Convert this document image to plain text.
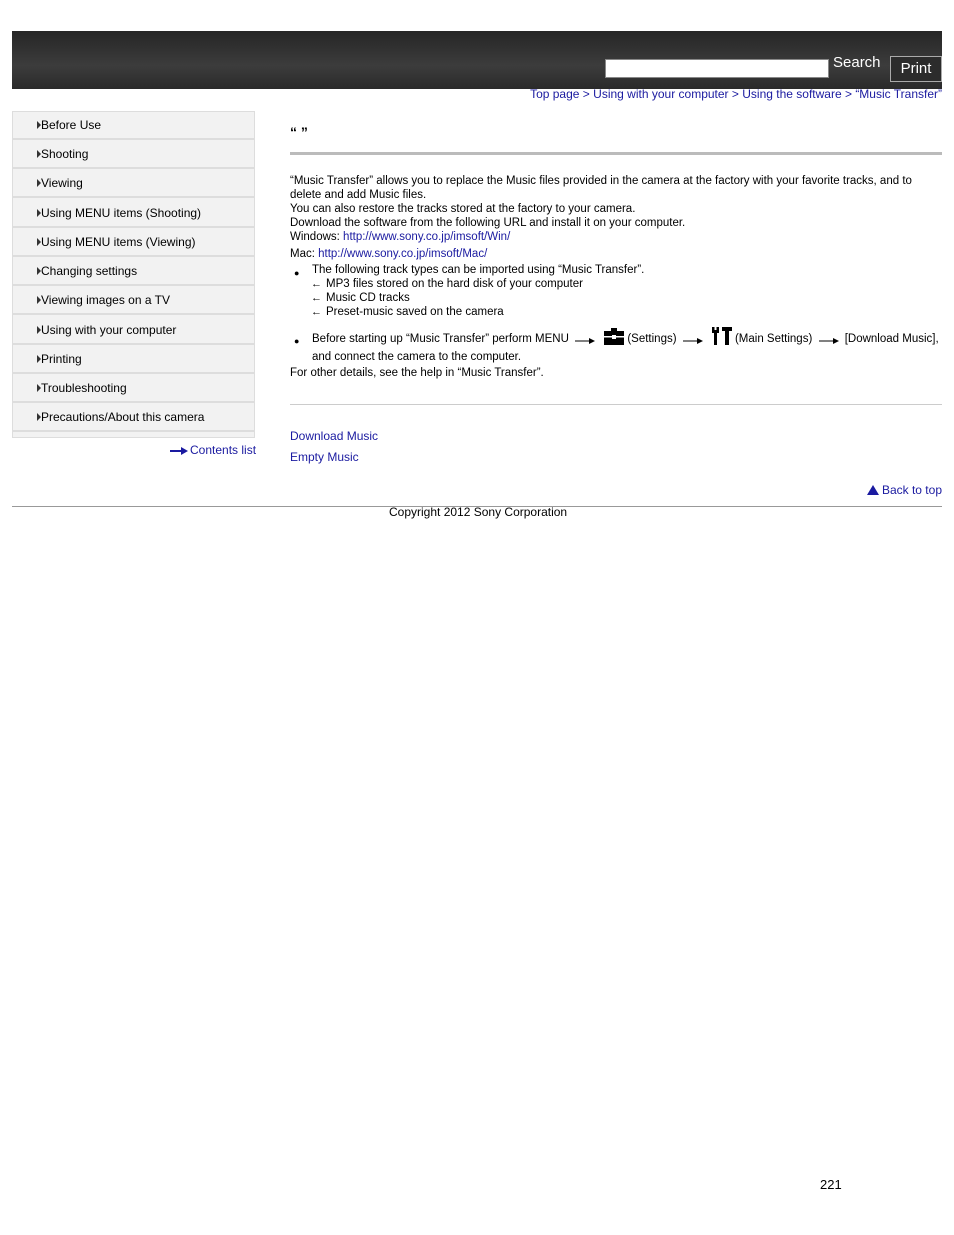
Search	Print
Top page > Using with your computer > Using the software > “Music Transfer”
Before Use
Shooting
Viewing
Using MENU items (Shooting)
Using MENU items (Viewing)
Changing settings
Viewing images on a TV
Using with your computer
Printing
Troubleshooting
Precautions/About this camera
Contents list
“ ”

“Music Transfer” allows you to replace the Music files provided in the camera at the factory with your favorite tracks, and to delete and add Music files.

You can also restore the tracks stored at the factory to your camera.

Download the software from the following URL and install it on your computer.

Windows: http://www.sony.co.jp/imsoft/Win/

Mac: http://www.sony.co.jp/imsoft/Mac/

● The following track types can be imported using “Music Transfer”.
← MP3 files stored on the hard disk of your computer
← Music CD tracks
← Preset-music saved on the camera
● Before starting up “Music Transfer” perform MENU	(Settings)	(Main Settings)	[Download Music],
and connect the camera to the computer.

For other details, see the help in “Music Transfer”.

Download Music
Empty Music
Back to top
Copyright 2012 Sony Corporation
221
